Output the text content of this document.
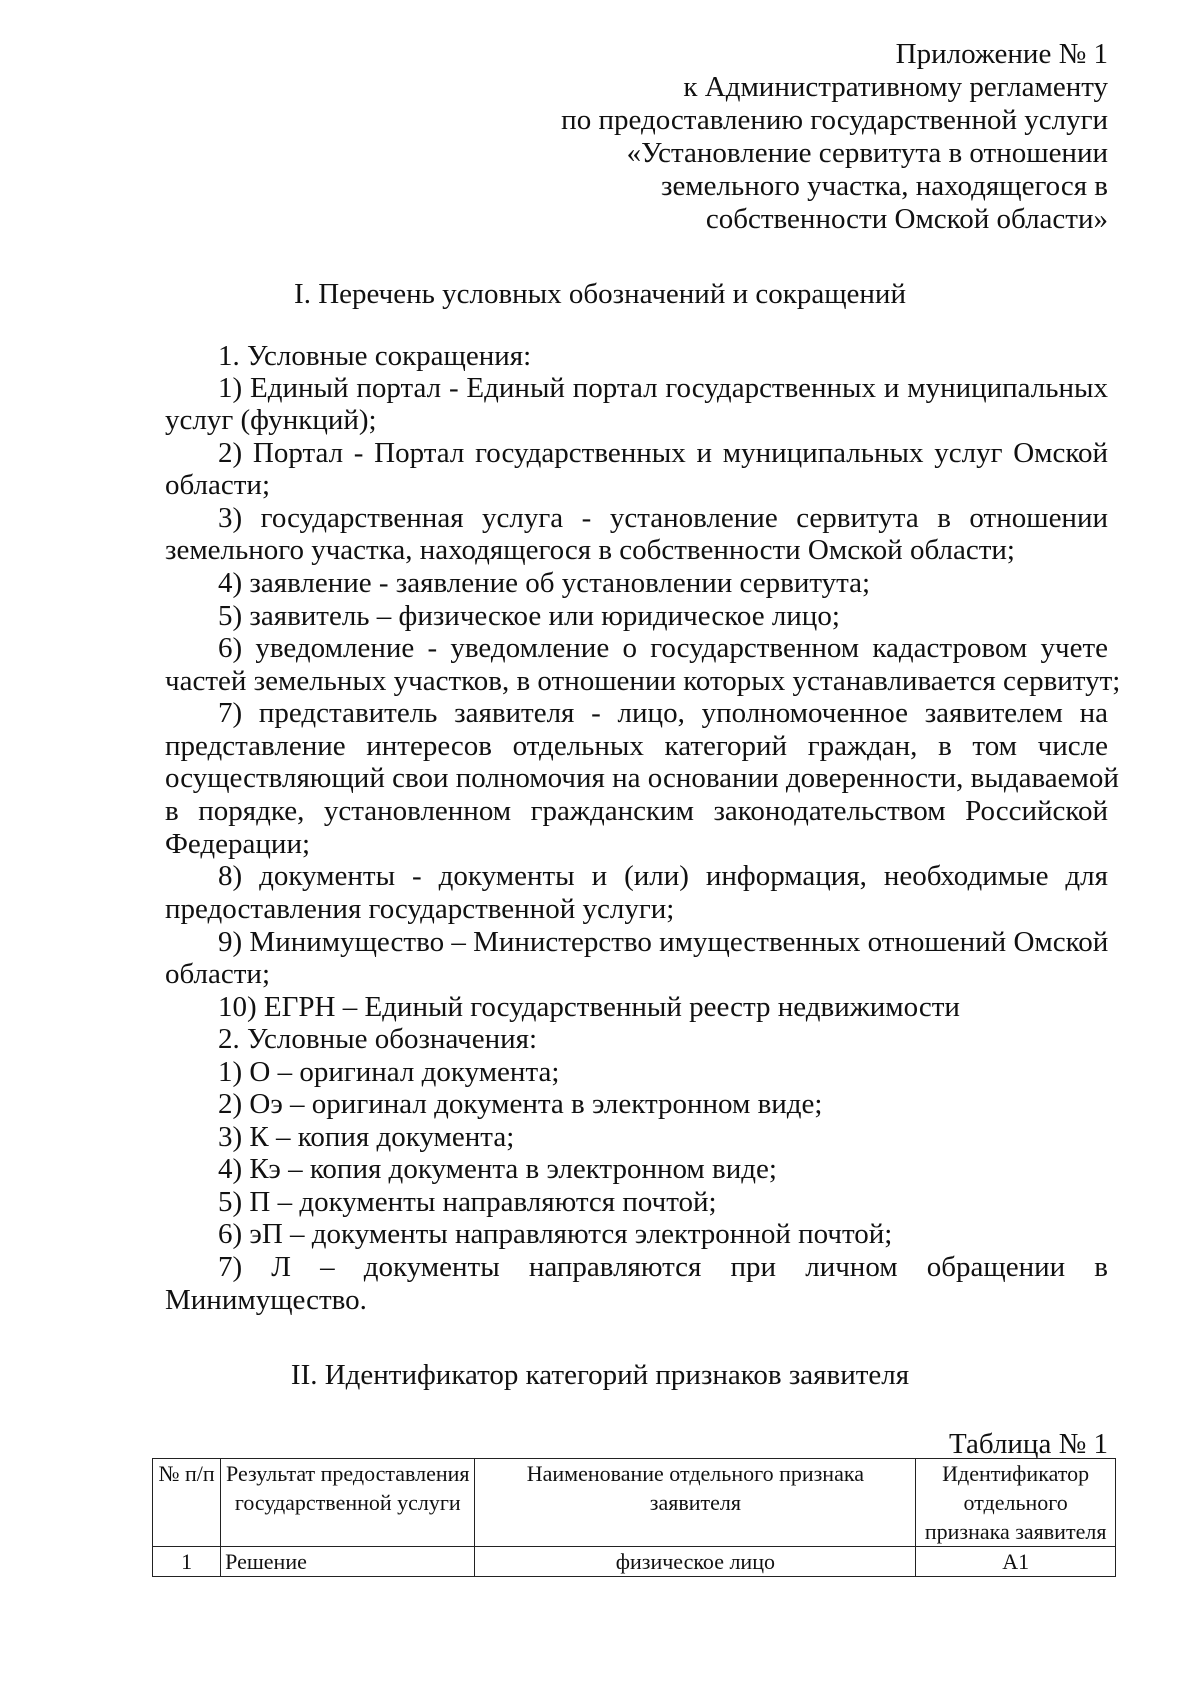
Приложение № 1
к Административному регламенту
по предоставлению государственной услуги
«Установление сервитута в отношении
земельного участка, находящегося в
собственности Омской области»
I. Перечень условных обозначений и сокращений
1. Условные сокращения:
1) Единый портал - Единый портал государственных и муниципальных
услуг (функций);
2) Портал - Портал государственных и муниципальных услуг Омской
области;
3) государственная услуга - установление сервитута в отношении
земельного участка, находящегося в собственности Омской области;
4) заявление - заявление об установлении сервитута;
5) заявитель – физическое или юридическое лицо;
6) уведомление - уведомление о государственном кадастровом учете
частей земельных участков, в отношении которых устанавливается сервитут;
7) представитель заявителя - лицо, уполномоченное заявителем на
представление интересов отдельных категорий граждан, в том числе
осуществляющий свои полномочия на основании доверенности, выдаваемой
в порядке, установленном гражданским законодательством Российской
Федерации;
8) документы - документы и (или) информация, необходимые для
предоставления государственной услуги;
9) Минимущество – Министерство имущественных отношений Омской
области;
10) ЕГРН – Единый государственный реестр недвижимости
2. Условные обозначения:
1) О – оригинал документа;
2) Оэ – оригинал документа в электронном виде;
3) К – копия документа;
4) Кэ – копия документа в электронном виде;
5) П – документы направляются почтой;
6) эП – документы направляются электронной почтой;
7) Л – документы направляются при личном обращении в
Минимущество.
II. Идентификатор категорий признаков заявителя
Таблица № 1
№ п/п	Результат предоставления государственной услуги	Наименование отдельного признака заявителя	Идентификатор отдельного признака заявителя
1	Решение	физическое лицо	А1
